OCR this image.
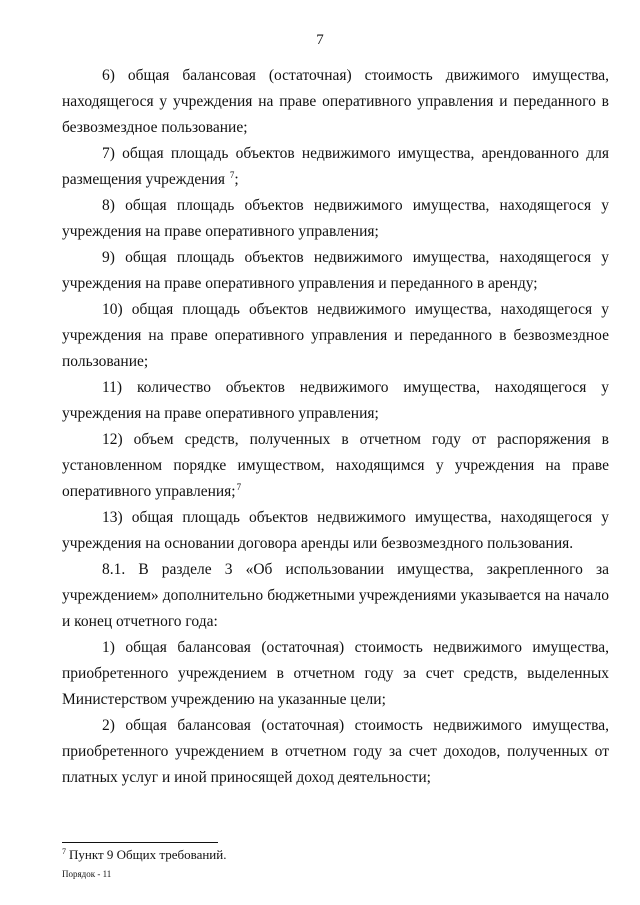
7

6) общая балансовая (остаточная) стоимость движимого имущества, находящегося у учреждения на праве оперативного управления и переданного в безвозмездное пользование;

7) общая площадь объектов недвижимого имущества, арендованного для размещения учреждения $^7$;

8) общая площадь объектов недвижимого имущества, находящегося у учреждения на праве оперативного управления;

9) общая площадь объектов недвижимого имущества, находящегося у учреждения на праве оперативного управления и переданного в аренду;

10) общая площадь объектов недвижимого имущества, находящегося у учреждения на праве оперативного управления и переданного в безвозмездное пользование;

11) количество объектов недвижимого имущества, находящегося у учреждения на праве оперативного управления;

12) объем средств, полученных в отчетном году от распоряжения в установленном порядке имуществом, находящимся у учреждения на праве оперативного управления;$^7$

13) общая площадь объектов недвижимого имущества, находящегося у учреждения на основании договора аренды или безвозмездного пользования.

8.1. В разделе 3 «Об использовании имущества, закрепленного за учреждением» дополнительно бюджетными учреждениями указывается на начало и конец отчетного года:

1) общая балансовая (остаточная) стоимость недвижимого имущества, приобретенного учреждением в отчетном году за счет средств, выделенных Министерством учреждению на указанные цели;

2) общая балансовая (остаточная) стоимость недвижимого имущества, приобретенного учреждением в отчетном году за счет доходов, полученных от платных услуг и иной приносящей доход деятельности;

$^7$ Пункт 9 Общих требований.
Порядок - 11
